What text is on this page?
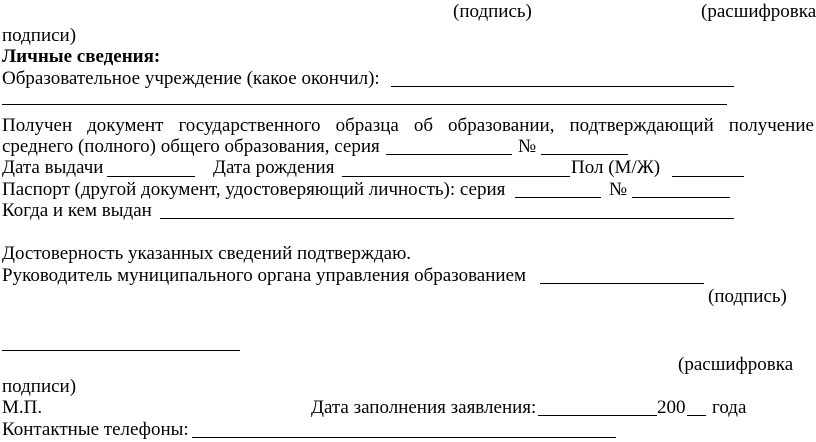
(подпись)	(расшифровка
подписи)
Личные сведения:
Образовательное учреждение (какое окончил):
Получен документ государственного образца об образовании, подтверждающий получение
среднего (полного) общего образования, серия	№
Дата выдачи	Дата рождения	Пол (М/Ж)
Паспорт (другой документ, удостоверяющий личность): серия	№
Когда и кем выдан
Достоверность указанных сведений подтверждаю.
Руководитель муниципального органа управления образованием
(подпись)
(расшифровка
подписи)
М.П.	Дата заполнения заявления:	200 года
Контактные телефоны:
